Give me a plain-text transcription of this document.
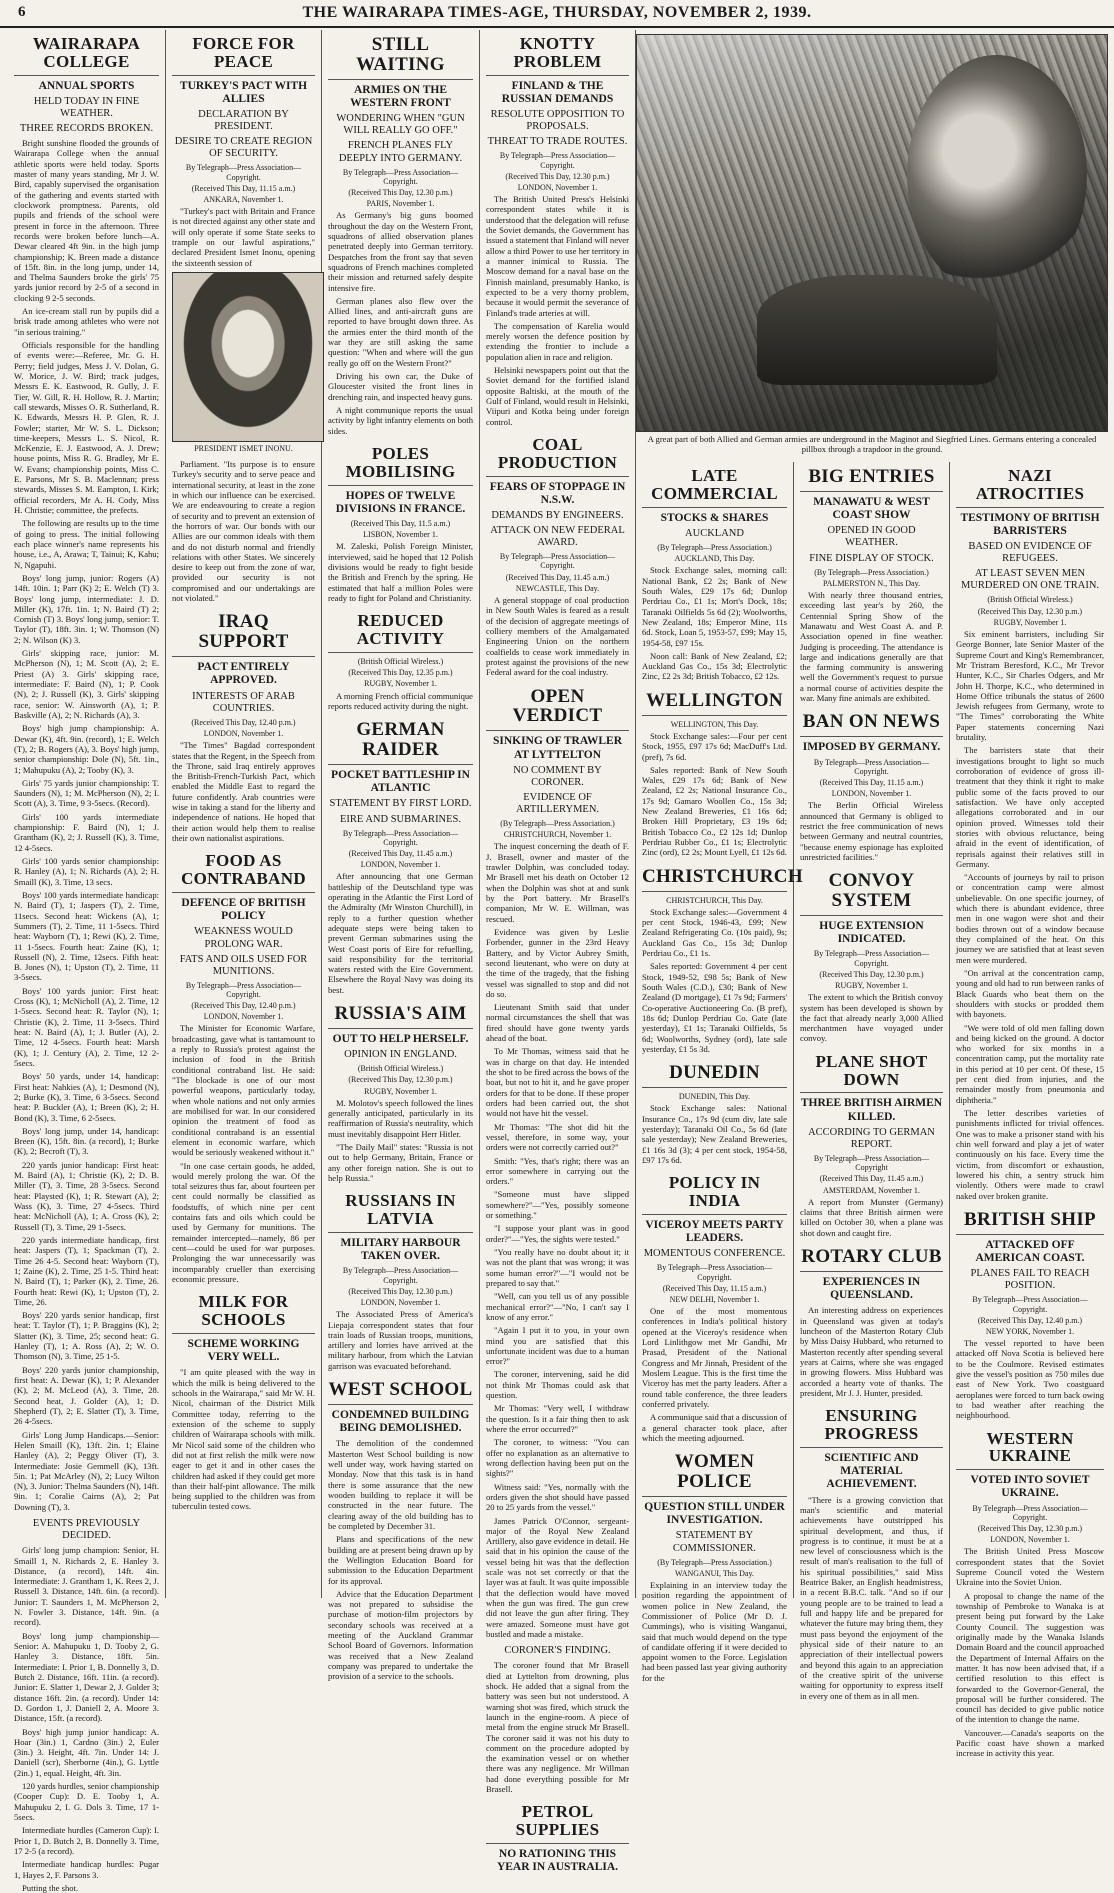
6	THE WAIRARAPA TIMES-AGE, THURSDAY, NOVEMBER 2, 1939.
WAIRARAPA COLLEGE
ANNUAL SPORTS
HELD TODAY IN FINE WEATHER.
THREE RECORDS BROKEN.

Bright sunshine flooded the grounds of Wairarapa College when the annual athletic sports were held today. Sports master of many years standing, Mr J. W. Bird, capably supervised the organisation of the gathering and events started with clockwork promptness. Parents, old pupils and friends of the school were present in force in the afternoon. Three records were broken before lunch—A. Dewar cleared 4ft 9in. in the high jump championship; K. Breen made a distance of 15ft. 8in. in the long jump, under 14, and Thelma Saunders broke the girls' 75 yards junior record by 2-5 of a second in clocking 9 2-5 seconds.

An ice-cream stall run by pupils did a brisk trade among athletes who were not "in serious training."

Officials responsible for the handling of events were:—Referee, Mr. G. H. Perry; field judges, Mess J. V. Dolan, G. W. Morice, J. W. Bird; track judges, Messrs E. K. Eastwood, R. Gully, J. F. Tier, W. Gill, R. H. Hollow, R. J. Martin; call stewards, Misses O. R. Sutherland, R. K. Edwards, Messrs H. P. Glen, R. J. Fowler; starter, Mr W. S. L. Dickson; time-keepers, Messrs L. S. Nicol, R. McKenzie, E. J. Eastwood, A. J. Drew; house points, Miss R. G. Bradley, Mr E. W. Evans; championship points, Miss C. E. Parsons, Mr S. B. Maclennan; press stewards, Misses S. M. Eampton, I. Kirk; official recorders, Mr A. H. Cody, Miss H. Christie; committee, the prefects.

The following are results up to the time of going to press. The initial following each place winner's name represents his house, i.e., A, Arawa; T, Tainui; K, Kahu; N, Ngapuhi.

Boys' long jump, junior: Rogers (A) 14ft. 10in. 1; Parr (K) 2; E. Welch (T) 3. Boys' long jump, intermediate: J. D. Miller (K), 17ft. 1in. 1; N. Baird (T) 2; Cornish (T) 3. Boys' long jump, senior: T. Taylor (T), 18ft. 3in. 1; W. Thomson (N) 2; N. Wilson (K) 3.

Girls' skipping race, junior: M. McPherson (N), 1; M. Scott (A), 2; E. Priest (A) 3. Girls' skipping race, intermediate: F. Baird (N), 1; P. Cook (N), 2; J. Russell (K), 3. Girls' skipping race, senior: W. Ainsworth (A), 1; P. Baskville (A), 2; N. Richards (A), 3.

Boys' high jump championship: A. Dewar (K), 4ft. 9in. (record), 1; E. Welch (T), 2; B. Rogers (A), 3. Boys' high jump, senior championship: Dole (N), 5ft. 1in., 1; Mahupuku (A), 2; Tooby (K), 3.

Girls' 75 yards junior championship: T. Saunders (N), 1; M. McPherson (N), 2; I. Scott (A), 3. Time, 9 3-5secs. (Record).

Girls' 100 yards intermediate championship: F. Baird (N), 1; J. Grantham (K), 2; J. Russell (K), 3. Time, 12 4-5secs.

Girls' 100 yards senior championship: R. Hanley (A), 1; N. Richards (A), 2; H. Smaill (K), 3. Time, 13 secs.

Boys' 100 yards intermediate handicap: N. Baird (T), 1; Jaspers (T), 2. Time, 11secs. Second heat: Wickens (A), 1; Summers (T), 2. Time, 11 1-5secs. Third heat: Wayborn (T), 1; Rewi (K), 2. Time, 11 1-5secs. Fourth heat: Zaine (K), 1; Russell (N), 2. Time, 12secs. Fifth heat: B. Jones (N), 1; Upston (T), 2. Time, 11 3-5secs.

Boys' 100 yards junior: First heat: Cross (K), 1; McNicholl (A), 2. Time, 12 1-5secs. Second heat: R. Taylor (N), 1; Christie (K), 2. Time, 11 3-5secs. Third heat: N. Baird (A), 1; J. Butler (A), 2. Time, 12 4-5secs. Fourth heat: Marsh (K), 1; J. Century (A), 2. Time, 12 2-5secs.

Boys' 50 yards, under 14, handicap: First heat: Nahkies (A), 1; Desmond (N), 2; Burke (K), 3. Time, 6 3-5secs. Second heat: P. Buckler (A), 1; Breen (K), 2; H. Bond (K), 3. Time, 6 2-5secs.

Boys' long jump, under 14, handicap: Breen (K), 15ft. 8in. (a record), 1; Burke (K), 2; Becroft (T), 3.

220 yards junior handicap: First heat: M. Baird (A), 1; Christie (K), 2; D. B. Miller (T), 3. Time, 28 3-5secs. Second heat: Playsted (K), 1; R. Stewart (A), 2; Wass (K), 3. Time, 27 4-5secs. Third heat: McNicholl (A), 1; A. Cross (K), 2; Russell (T), 3. Time, 29 1-5secs.

220 yards intermediate handicap, first heat: Jaspers (T), 1; Spackman (T), 2. Time 26 4-5. Second heat: Wayborn (T), 1; Zaine (K), 2. Time, 25 1-5. Third heat: N. Baird (T), 1; Parker (K), 2. Time, 26. Fourth heat: Rewi (K), 1; Upston (T), 2. Time, 26.

Boys' 220 yards senior handicap, first heat: T. Taylor (T), 1; P. Braggins (K), 2; Slatter (K), 3. Time, 25; second heat: G. Hanley (T), 1; A. Ross (A), 2; W. O. Thomson (N), 3. Time, 25 1-5.

Boys' 220 yards junior championship, first heat: A. Dewar (K), 1; P. Alexander (K), 2; M. McLeod (A), 3. Time, 28. Second heat, J. Golder (A), 1; D. Shepherd (T), 2; E. Slatter (T), 3. Time, 26 4-5secs.

Girls' Long Jump Handicaps.—Senior: Helen Smaill (K), 13ft. 2in. 1; Elaine Hanley (A), 2; Peggy Oliver (T), 3. Intermediate: Josie Gemmell (K), 13ft. 5in. 1; Pat McArley (N), 2; Lucy Wilton (N), 3. Junior: Thelma Saunders (N), 14ft. 9in. 1; Coralie Cairns (A), 2; Pat Downing (T), 3.

EVENTS PREVIOUSLY DECIDED.

Girls' long jump champion: Senior, H. Smaill 1, N. Richards 2, E. Hanley 3. Distance, (a record), 14ft. 4in. Intermediate: J. Grantham 1, K. Rees 2, J. Russell 3. Distance, 14ft. 6in. (a record). Junior: T. Saunders 1, M. McPherson 2, N. Fowler 3. Distance, 14ft. 9in. (a record).

Boys' long jump championship—Senior: A. Mahupuku 1, D. Tooby 2, G. Hanley 3. Distance, 18ft. 5in. Intermediate: I. Prior 1, B. Donnelly 3, D. Butch 2. Distance, 16ft. 11in. (a record). Junior: E. Slatter 1, Dewar 2, J. Golder 3; distance 16ft. 2in. (a record). Under 14: D. Gordon 1, J. Daniell 2, A. Moore 3. Distance, 15ft. (a record).

Boys' high jump junior handicap: A. Hoar (3in.) 1, Cardno (3in.) 2, Euler (3in.) 3. Height, 4ft. 7in. Under 14: J. Daniell (scr), Sherborne (4in.), G. Lyttle (2in.) 1, equal. Height, 4ft. 3in.

120 yards hurdles, senior championship (Cooper Cup): D. E. Tooby 1, A. Mahupuku 2, I. G. Dols 3. Time, 17 1-5secs.

Intermediate hurdles (Cameron Cup): I. Prior 1, D. Butch 2, B. Donnelly 3. Time, 17 2-5 (a record).

Intermediate handicap hurdles: Pugar 1, Hayes 2, F. Parsons 3.

Putting the shot.

FORCE FOR PEACE
TURKEY'S PACT WITH ALLIES
DECLARATION BY PRESIDENT.
DESIRE TO CREATE REGION OF SECURITY.
By Telegraph—Press Association—Copyright.
(Received This Day, 11.15 a.m.)
ANKARA, November 1.

"Turkey's pact with Britain and France is not directed against any other state and will only operate if some State seeks to trample on our lawful aspirations," declared President Ismet Inonu, opening the sixteenth session of

PRESIDENT ISMET INONU.

Parliament. "Its purpose is to ensure Turkey's security and to serve peace and international security, at least in the zone in which our influence can be exercised. We are endeavouring to create a region of security and to prevent an extension of the horrors of war. Our bonds with our Allies are our common ideals with them and do not disturb normal and friendly relations with other States. We sincerely desire to keep out from the zone of war, provided our security is not compromised and our undertakings are not violated."

IRAQ SUPPORT
PACT ENTIRELY APPROVED.
INTERESTS OF ARAB COUNTRIES.
(Received This Day, 12.40 p.m.)
LONDON, November 1.

"The Times" Bagdad correspondent states that the Regent, in the Speech from the Throne, said Iraq entirely approves the British-French-Turkish Pact, which enabled the Middle East to regard the future confidently. Arab countries were wise in taking a stand for the liberty and independence of nations. He hoped that their action would help them to realise their own nationalist aspirations.

FOOD AS CONTRABAND
DEFENCE OF BRITISH POLICY
WEAKNESS WOULD PROLONG WAR.
FATS AND OILS USED FOR MUNITIONS.
By Telegraph—Press Association—Copyright.
(Received This Day, 12.40 p.m.)
LONDON, November 1.

The Minister for Economic Warfare, broadcasting, gave what is tantamount to a reply to Russia's protest against the inclusion of food in the British conditional contraband list. He said: "The blockade is one of our most powerful weapons, particularly today, when whole nations and not only armies are mobilised for war. In our considered opinion the treatment of food as conditional contraband is an essential element in economic warfare, which would be seriously weakened without it."

"In one case certain goods, he added, would merely prolong the war. Of the total seizures thus far, about fourteen per cent could normally be classified as foodstuffs, of which nine per cent contains fats and oils which could be used by Germany for munitions. The remainder intercepted—namely, 86 per cent—could be used for war purposes. Prolonging the war unnecessarily was incomparably crueller than exercising economic pressure.

MILK FOR SCHOOLS
SCHEME WORKING VERY WELL.

"I am quite pleased with the way in which the milk is being delivered to the schools in the Wairarapa," said Mr W. H. Nicol, chairman of the District Milk Committee today, referring to the extension of the scheme to supply children of Wairarapa schools with milk. Mr Nicol said some of the children who did not at first relish the milk were now eager to get it and in other cases the children had asked if they could get more than their half-pint allowance. The milk being supplied to the children was from tuberculin tested cows.

STILL WAITING
ARMIES ON THE WESTERN FRONT
WONDERING WHEN "GUN WILL REALLY GO OFF."
FRENCH PLANES FLY DEEPLY INTO GERMANY.
By Telegraph—Press Association—Copyright.
(Received This Day, 12.30 p.m.)
PARIS, November 1.

As Germany's big guns boomed throughout the day on the Western Front, squadrons of allied observation planes penetrated deeply into German territory. Despatches from the front say that seven squadrons of French machines completed their mission and returned safely despite intensive fire.

German planes also flew over the Allied lines, and anti-aircraft guns are reported to have brought down three. As the armies enter the third month of the war they are still asking the same question: "When and where will the gun really go off on the Western Front?"

Driving his own car, the Duke of Gloucester visited the front lines in drenching rain, and inspected heavy guns.

A night communique reports the usual activity by light infantry elements on both sides.

POLES MOBILISING
HOPES OF TWELVE DIVISIONS IN FRANCE.
(Received This Day, 11.5 a.m.)
LISBON, November 1.

M. Zaleski, Polish Foreign Minister, interviewed, said he hoped that 12 Polish divisions would be ready to fight beside the British and French by the spring. He estimated that half a million Poles were ready to fight for Poland and Christianity.

REDUCED ACTIVITY
(British Official Wireless.)
(Received This Day, 12.35 p.m.)
RUGBY, November 1.

A morning French official communique reports reduced activity during the night.

GERMAN RAIDER
POCKET BATTLESHIP IN ATLANTIC
STATEMENT BY FIRST LORD.
EIRE AND SUBMARINES.
By Telegraph—Press Association—Copyright.
(Received This Day, 11.45 a.m.)
LONDON, November 1.

After announcing that one German battleship of the Deutschland type was operating in the Atlantic the First Lord of the Admiralty (Mr Winston Churchill), in reply to a further question whether adequate steps were being taken to prevent German submarines using the West Coast ports of Eire for refuelling, said responsibility for the territorial waters rested with the Eire Government. Elsewhere the Royal Navy was doing its best.

RUSSIA'S AIM
OUT TO HELP HERSELF.
OPINION IN ENGLAND.
(British Official Wireless.)
(Received This Day, 12.30 p.m.)
RUGBY, November 1.

M. Molotov's speech followed the lines generally anticipated, particularly in its reaffirmation of Russia's neutrality, which must inevitably disappoint Herr Hitler.

"The Daily Mail" states: "Russia is not out to help Germany, Britain, France or any other foreign nation. She is out to help Russia."

RUSSIANS IN LATVIA
MILITARY HARBOUR TAKEN OVER.
By Telegraph—Press Association—Copyright.
(Received This Day, 12.30 p.m.)
LONDON, November 1.

The Associated Press of America's Liepaja correspondent states that four train loads of Russian troops, munitions, artillery and lorries have arrived at the military harbour, from which the Latvian garrison was evacuated beforehand.

WEST SCHOOL
CONDEMNED BUILDING BEING DEMOLISHED.

The demolition of the condemned Masterton West School building is now well under way, work having started on Monday. Now that this task is in hand there is some assurance that the new wooden building to replace it will be constructed in the near future. The clearing away of the old building has to be completed by December 31.

Plans and specifications of the new building are at present being drawn up by the Wellington Education Board for submission to the Education Department for its approval.

Advice that the Education Department was not prepared to subsidise the purchase of motion-film projectors by secondary schools was received at a meeting of the Auckland Grammar School Board of Governors. Information was received that a New Zealand company was prepared to undertake the provision of a service to the schools.

KNOTTY PROBLEM
FINLAND & THE RUSSIAN DEMANDS
RESOLUTE OPPOSITION TO PROPOSALS.
THREAT TO TRADE ROUTES.
By Telegraph—Press Association—Copyright.
(Received This Day, 12.30 p.m.)
LONDON, November 1.

The British United Press's Helsinki correspondent states while it is understood that the delegation will refuse the Soviet demands, the Government has issued a statement that Finland will never allow a third Power to use her territory in a manner inimical to Russia. The Moscow demand for a naval base on the Finnish mainland, presumably Hanko, is expected to be a very thorny problem, because it would permit the severance of Finland's trade arteries at will.

The compensation of Karelia would merely worsen the defence position by extending the frontier to include a population alien in race and religion.

Helsinki newspapers point out that the Soviet demand for the fortified island opposite Baltiski, at the mouth of the Gulf of Finland, would result in Helsinki, Viipuri and Kotka being under foreign control.

COAL PRODUCTION
FEARS OF STOPPAGE IN N.S.W.
DEMANDS BY ENGINEERS.
ATTACK ON NEW FEDERAL AWARD.
By Telegraph—Press Association—Copyright.
(Received This Day, 11.45 a.m.)
NEWCASTLE, This Day.

A general stoppage of coal production in New South Wales is feared as a result of the decision of aggregate meetings of colliery members of the Amalgamated Engineering Union on the northern coalfields to cease work immediately in protest against the provisions of the new Federal award for the coal industry.

OPEN VERDICT
SINKING OF TRAWLER AT LYTTELTON
NO COMMENT BY CORONER.
EVIDENCE OF ARTILLERYMEN.
(By Telegraph—Press Association.)
CHRISTCHURCH, November 1.

The inquest concerning the death of F. J. Brasell, owner and master of the trawler Dolphin, was concluded today. Mr Brasell met his death on October 12 when the Dolphin was shot at and sunk by the Port battery. Mr Brasell's companion, Mr W. E. Willman, was rescued.

Evidence was given by Leslie Forbender, gunner in the 23rd Heavy Battery, and by Victor Aubrey Smith, second lieutenant, who were on duty at the time of the tragedy, that the fishing vessel was signalled to stop and did not do so.

Lieutenant Smith said that under normal circumstances the shell that was fired should have gone twenty yards ahead of the boat.

To Mr Thomas, witness said that he was in charge on that day. He intended the shot to be fired across the bows of the boat, but not to hit it, and he gave proper orders for that to be done. If these proper orders had been carried out, the shot would not have hit the vessel.

Mr Thomas: "The shot did hit the vessel, therefore, in some way, your orders were not correctly carried out?"

Smith: "Yes, that's right; there was an error somewhere in carrying out the orders."

"Someone must have slipped somewhere?"—"Yes, possibly someone or something."

"I suppose your plant was in good order?"—"Yes, the sights were tested."

"You really have no doubt about it; it was not the plant that was wrong; it was some human error?"—"I would not be prepared to say that."

"Well, can you tell us of any possible mechanical error?"—"No, I can't say I know of any error."

"Again I put it to you, in your own mind you are satisfied that this unfortunate incident was due to a human error?"

The coroner, intervening, said he did not think Mr Thomas could ask that question.

Mr Thomas: "Very well, I withdraw the question. Is it a fair thing then to ask where the error occurred?"

The coroner, to witness: "You can offer no explanation as an alternative to wrong deflection having been put on the sights?"

Witness said: "Yes, normally with the orders given the shot should have passed 20 to 25 yards from the vessel."

James Patrick O'Connor, sergeant-major of the Royal New Zealand Artillery, also gave evidence in detail. He said that in his opinion the cause of the vessel being hit was that the deflection scale was not set correctly or that the layer was at fault. It was quite impossible that the deflection would have moved when the gun was fired. The gun crew did not leave the gun after firing. They were amazed. Someone must have got bustled and made a mistake.

CORONER'S FINDING.

The coroner found that Mr Brasell died at Lyttelton from drowning, plus shock. He added that a signal from the battery was seen but not understood. A warning shot was fired, which struck the launch in the engine-room. A piece of metal from the engine struck Mr Brasell. The coroner said it was not his duty to comment on the procedure adopted by the examination vessel or on whether there was any negligence. Mr Willman had done everything possible for Mr Brasell.

PETROL SUPPLIES
NO RATIONING THIS YEAR IN AUSTRALIA.
A great part of both Allied and German armies are underground in the Maginot and Siegfried Lines. Germans entering a concealed pillbox through a trapdoor in the ground.
LATE COMMERCIAL
STOCKS & SHARES
AUCKLAND
(By Telegraph—Press Association.)
AUCKLAND, This Day.

Stock Exchange sales, morning call: National Bank, £2 2s; Bank of New South Wales, £29 17s 6d; Dunlop Perdriau Co., £1 1s; Mort's Dock, 18s; Taranaki Oilfields 5s 6d (2); Woolworths, New Zealand, 18s; Emperor Mine, 11s 6d. Stock, Loan 5, 1953-57, £99; May 15, 1954-58, £97 15s.

Noon call: Bank of New Zealand, £2; Auckland Gas Co., 15s 3d; Electrolytic Zinc, £2 2s 3d; British Tobacco, £2 12s.

WELLINGTON
WELLINGTON, This Day.

Stock Exchange sales:—Four per cent Stock, 1955, £97 17s 6d; MacDuff's Ltd. (pref), 7s 6d.

Sales reported: Bank of New South Wales, £29 17s 6d; Bank of New Zealand, £2 2s; National Insurance Co., 17s 9d; Gamaro Woollen Co., 15s 3d; New Zealand Breweries, £1 16s 6d; Broken Hill Proprietary, £3 19s 6d; British Tobacco Co., £2 12s 1d; Dunlop Perdriau Rubber Co., £1 1s; Electrolytic Zinc (ord), £2 2s; Mount Lyell, £1 12s 6d.

CHRISTCHURCH
CHRISTCHURCH, This Day.

Stock Exchange sales:—Government 4 per cent Stock, 1946-43, £99; New Zealand Refrigerating Co. (10s paid), 9s; Auckland Gas Co., 15s 3d; Dunlop Perdriau Co., £1 1s.

Sales reported: Government 4 per cent Stock, 1949-52, £98 5s; Bank of New South Wales (C.D.), £30; Bank of New Zealand (D mortgage), £1 7s 9d; Farmers' Co-operative Auctioneering Co. (B pref), 18s 6d; Dunlop Perdriau Co. Gate (late yesterday), £1 1s; Taranaki Oilfields, 5s 6d; Woolworths, Sydney (ord), late sale yesterday, £1 5s 3d.

DUNEDIN
DUNEDIN, This Day.

Stock Exchange sales: National Insurance Co., 17s 9d (cum div, late sale yesterday); Taranaki Oil Co., 5s 6d (late sale yesterday); New Zealand Breweries, £1 16s 3d (3); 4 per cent stock, 1954-58, £97 17s 6d.

POLICY IN INDIA
VICEROY MEETS PARTY LEADERS.
MOMENTOUS CONFERENCE.
By Telegraph—Press Association—Copyright.
(Received This Day, 11.15 a.m.)
NEW DELHI, November 1.

One of the most momentous conferences in India's political history opened at the Viceroy's residence when Lord Linlithgow met Mr Gandhi, Mr Prasad, President of the National Congress and Mr Jinnah, President of the Moslem League. This is the first time the Viceroy has met the party leaders. After a round table conference, the three leaders conferred privately.

A communique said that a discussion of a general character took place, after which the meeting adjourned.

WOMEN POLICE
QUESTION STILL UNDER INVESTIGATION.
STATEMENT BY COMMISSIONER.
(By Telegraph—Press Association.)
WANGANUI, This Day.

Explaining in an interview today the position regarding the appointment of women police in New Zealand, the Commissioner of Police (Mr D. J. Cummings), who is visiting Wanganui, said that much would depend on the type of candidate offering if it were decided to appoint women to the Force. Legislation had been passed last year giving authority for the

BIG ENTRIES
MANAWATU & WEST COAST SHOW
OPENED IN GOOD WEATHER.
FINE DISPLAY OF STOCK.
(By Telegraph—Press Association.)
PALMERSTON N., This Day.

With nearly three thousand entries, exceeding last year's by 260, the Centennial Spring Show of the Manawatu and West Coast A. and P. Association opened in fine weather. Judging is proceeding. The attendance is large and indications generally are that the farming community is answering well the Government's request to pursue a normal course of activities despite the war. Many fine animals are exhibited.

BAN ON NEWS
IMPOSED BY GERMANY.
By Telegraph—Press Association—Copyright.
(Received This Day, 11.15 a.m.)
LONDON, November 1.

The Berlin Official Wireless announced that Germany is obliged to restrict the free communication of news between Germany and neutral countries, "because enemy espionage has exploited unrestricted facilities."

CONVOY SYSTEM
HUGE EXTENSION INDICATED.
By Telegraph—Press Association—Copyright.
(Received This Day, 12.30 p.m.)
RUGBY, November 1.

The extent to which the British convoy system has been developed is shown by the fact that already nearly 3,000 Allied merchantmen have voyaged under convoy.

PLANE SHOT DOWN
THREE BRITISH AIRMEN KILLED.
ACCORDING TO GERMAN REPORT.
By Telegraph—Press Association—Copyright
(Received This Day, 11.45 a.m.)
AMSTERDAM, November 1.

A report from Munster (Germany) claims that three British airmen were killed on October 30, when a plane was shot down and caught fire.

ROTARY CLUB
EXPERIENCES IN QUEENSLAND.

An interesting address on experiences in Queensland was given at today's luncheon of the Masterton Rotary Club by Miss Daisy Hubbard, who returned to Masterton recently after spending several years at Cairns, where she was engaged in growing flowers. Miss Hubbard was accorded a hearty vote of thanks. The president, Mr J. J. Hunter, presided.

ENSURING PROGRESS
SCIENTIFIC AND MATERIAL ACHIEVEMENT.

"There is a growing conviction that man's scientific and material achievements have outstripped his spiritual development, and thus, if progress is to continue, it must be at a new level of consciousness which is the result of man's realisation to the full of his spiritual possibilities," said Miss Beatrice Baker, an English headmistress, in a recent B.B.C. talk. "And so if our young people are to be trained to lead a full and happy life and be prepared for whatever the future may bring them, they must pass beyond the enjoyment of the physical side of their nature to an appreciation of their intellectual powers and beyond this again to an appreciation of the creative spirit of the universe waiting for opportunity to express itself in every one of them as in all men.

NAZI ATROCITIES
TESTIMONY OF BRITISH BARRISTERS
BASED ON EVIDENCE OF REFUGEES.
AT LEAST SEVEN MEN MURDERED ON ONE TRAIN.
(British Official Wireless.)
(Received This Day, 12.30 p.m.)
RUGBY, November 1.

Six eminent barristers, including Sir George Bonner, late Senior Master of the Supreme Court and King's Remembrancer, Mr Tristram Beresford, K.C., Mr Trevor Hunter, K.C., Sir Charles Odgers, and Mr John H. Thorpe, K.C., who determined in Home Office tribunals the status of 2600 Jewish refugees from Germany, wrote to "The Times" corroborating the White Paper statements concerning Nazi brutality.

The barristers state that their investigations brought to light so much corroboration of evidence of gross ill-treatment that they think it right to make public some of the facts proved to our satisfaction. We have only accepted allegations corroborated and in our opinion proved. Witnesses told their stories with obvious reluctance, being afraid in the event of identification, of reprisals against their relatives still in Germany.

"Accounts of journeys by rail to prison or concentration camp were almost unbelievable. On one specific journey, of which there is abundant evidence, three men in one wagon were shot and their bodies thrown out of a window because they complained of the heat. On this journey we are satisfied that at least seven men were murdered.

"On arrival at the concentration camp, young and old had to run between ranks of Black Guards who beat them on the shoulders with stocks or prodded them with bayonets.

"We were told of old men falling down and being kicked on the ground. A doctor who worked for six months in a concentration camp, put the mortality rate in this period at 10 per cent. Of these, 15 per cent died from injuries, and the remainder mostly from pneumonia and diphtheria."

The letter describes varieties of punishments inflicted for trivial offences. One was to make a prisoner stand with his chin well forward and play a jet of water continuously on his face. Every time the victim, from discomfort or exhaustion, lowered his chin, a sentry struck him violently. Others were made to crawl naked over broken granite.

BRITISH SHIP
ATTACKED OFF AMERICAN COAST.
PLANES FAIL TO REACH POSITION.
By Telegraph—Press Association—Copyright.
(Received This Day, 12.40 p.m.)
NEW YORK, November 1.

The vessel reported to have been attacked off Nova Scotia is believed here to be the Coulmore. Revised estimates give the vessel's position as 750 miles due east of New York. Two coastguard aeroplanes were forced to turn back owing to bad weather after reaching the neighbourhood.

WESTERN UKRAINE
VOTED INTO SOVIET UKRAINE.
By Telegraph—Press Association—Copyright.
(Received This Day, 12.30 p.m.)
LONDON, November 1.

The British United Press Moscow correspondent states that the Soviet Supreme Council voted the Western Ukraine into the Soviet Union.

A proposal to change the name of the township of Pembroke to Wanaka is at present being put forward by the Lake County Council. The suggestion was originally made by the Wanaka Islands Domain Board and the council approached the Department of Internal Affairs on the matter. It has now been advised that, if a certified resolution to this effect is forwarded to the Governor-General, the proposal will be further considered. The council has decided to give public notice of the intention to change the name.

Vancouver.—Canada's seaports on the Pacific coast have shown a marked increase in activity this year.
